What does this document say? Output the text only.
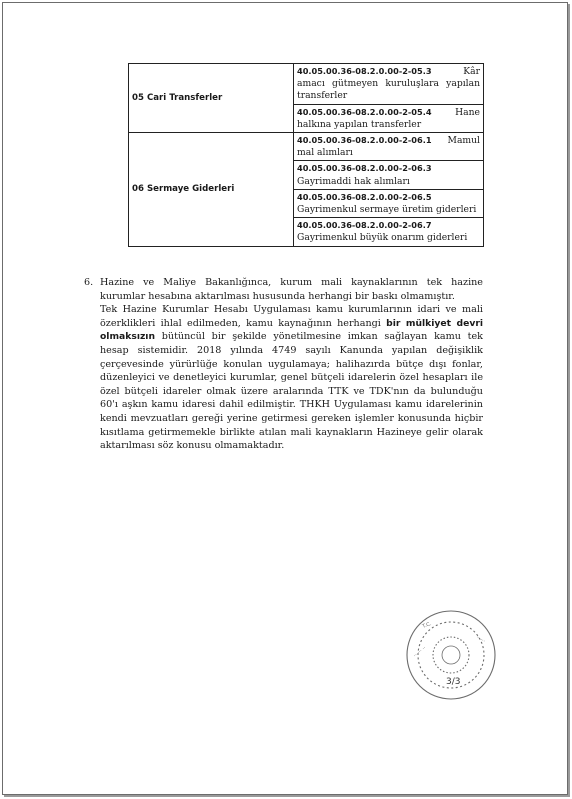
05 Cari Transferler	40.05.00.36-08.2.0.00-2-05.3 Kâr amacı gütmeyen kuruluşlara yapılan transferler
	40.05.00.36-08.2.0.00-2-05.4 Hane halkına yapılan transferler
06 Sermaye Giderleri	40.05.00.36-08.2.0.00-2-06.1 Mamul mal alımları
	40.05.00.36-08.2.0.00-2-06.3 Gayrimaddi hak alımları
	40.05.00.36-08.2.0.00-2-06.5 Gayrimenkul sermaye üretim giderleri
	40.05.00.36-08.2.0.00-2-06.7 Gayrimenkul büyük onarım giderleri
6. Hazine ve Maliye Bakanlığınca, kurum mali kaynaklarının tek hazine kurumlar hesabına aktarılması hususunda herhangi bir baskı olmamıştır.

Tek Hazine Kurumlar Hesabı Uygulaması kamu kurumlarının idari ve mali özerklikleri ihlal edilmeden, kamu kaynağının herhangi bir mülkiyet devri olmaksızın bütüncül bir şekilde yönetilmesine imkan sağlayan kamu tek hesap sistemidir. 2018 yılında 4749 sayılı Kanunda yapılan değişiklik çerçevesinde yürürlüğe konulan uygulamaya; halihazırda bütçe dışı fonlar, düzenleyici ve denetleyici kurumlar, genel bütçeli idarelerin özel hesapları ile özel bütçeli idareler olmak üzere aralarında TTK ve TDK'nın da bulunduğu 60'ı aşkın kamu idaresi dahil edilmiştir. THKH Uygulaması kamu idarelerinin kendi mevzuatları gereği yerine getirmesi gereken işlemler konusunda hiçbir kısıtlama getirmemekle birlikte atılan mali kaynakların Hazineye gelir olarak aktarılması söz konusu olmamaktadır.

T.C.
·· ··· ··
·· ···
3/3
